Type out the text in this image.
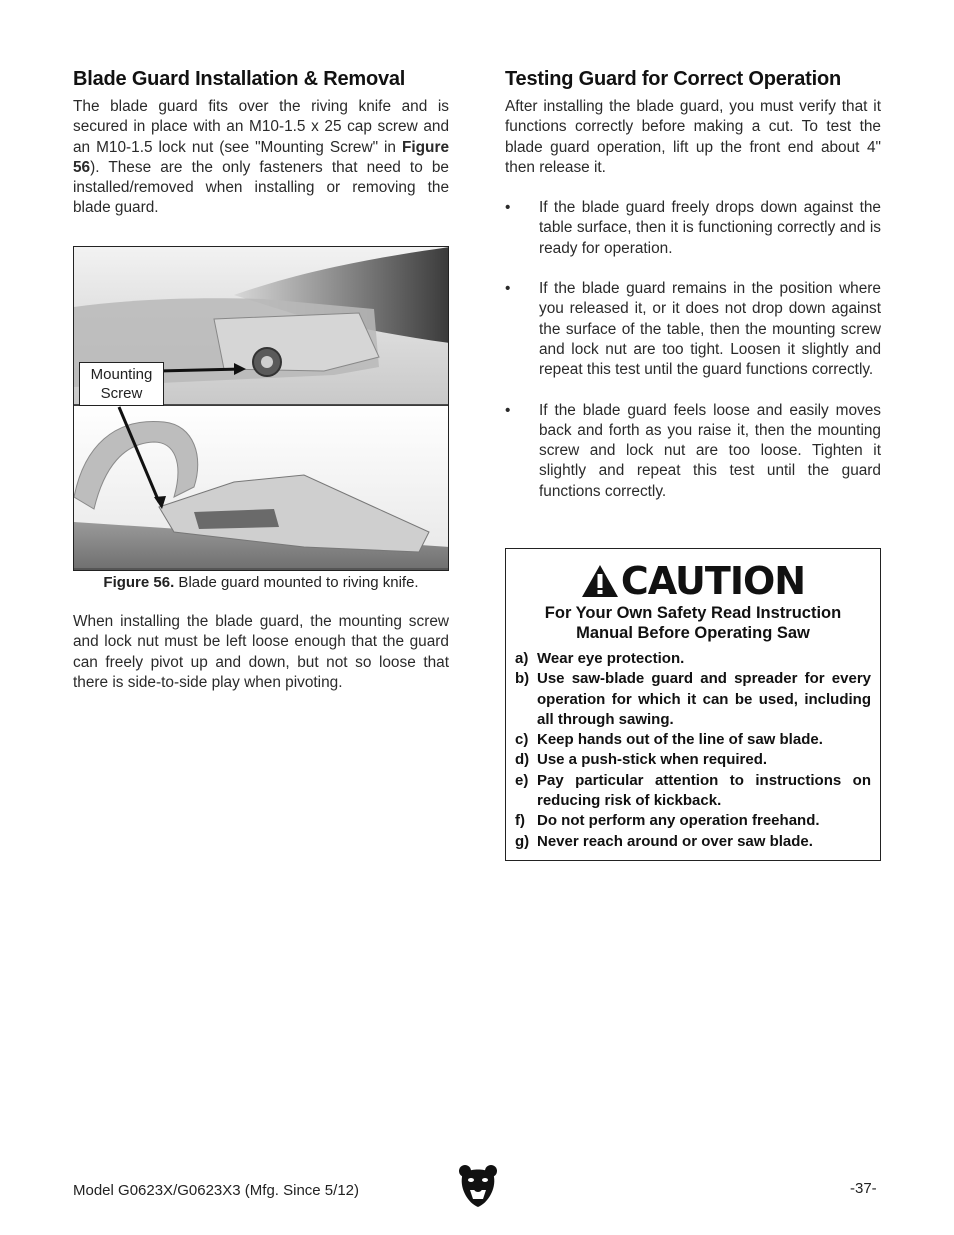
Blade Guard Installation & Removal

The blade guard fits over the riving knife and is secured in place with an M10-1.5 x 25 cap screw and an M10-1.5 lock nut (see "Mounting Screw" in Figure 56). These are the only fasteners that need to be installed/removed when installing or removing the blade guard.

Mounting Screw
Figure 56. Blade guard mounted to riving knife.

When installing the blade guard, the mounting screw and lock nut must be left loose enough that the guard can freely pivot up and down, but not so loose that there is side-to-side play when pivoting.

Testing Guard for Correct Operation

After installing the blade guard, you must verify that it functions correctly before making a cut. To test the blade guard operation, lift up the front end about 4" then release it.

• If the blade guard freely drops down against the table surface, then it is functioning correctly and is ready for operation.
• If the blade guard remains in the position where you released it, or it does not drop down against the surface of the table, then the mounting screw and lock nut are too tight. Loosen it slightly and repeat this test until the guard functions correctly.
• If the blade guard feels loose and easily moves back and forth as you raise it, then the mounting screw and lock nut are too loose. Tighten it slightly and repeat this test until the guard functions correctly.
CAUTION
For Your Own Safety Read Instruction
Manual Before Operating Saw
a) Wear eye protection.
b) Use saw-blade guard and spreader for every operation for which it can be used, including all through sawing.
c) Keep hands out of the line of saw blade.
d) Use a push-stick when required.
e) Pay particular attention to instructions on reducing risk of kickback.
f) Do not perform any operation freehand.
g) Never reach around or over saw blade.
Model G0623X/G0623X3 (Mfg. Since 5/12)	-37-
